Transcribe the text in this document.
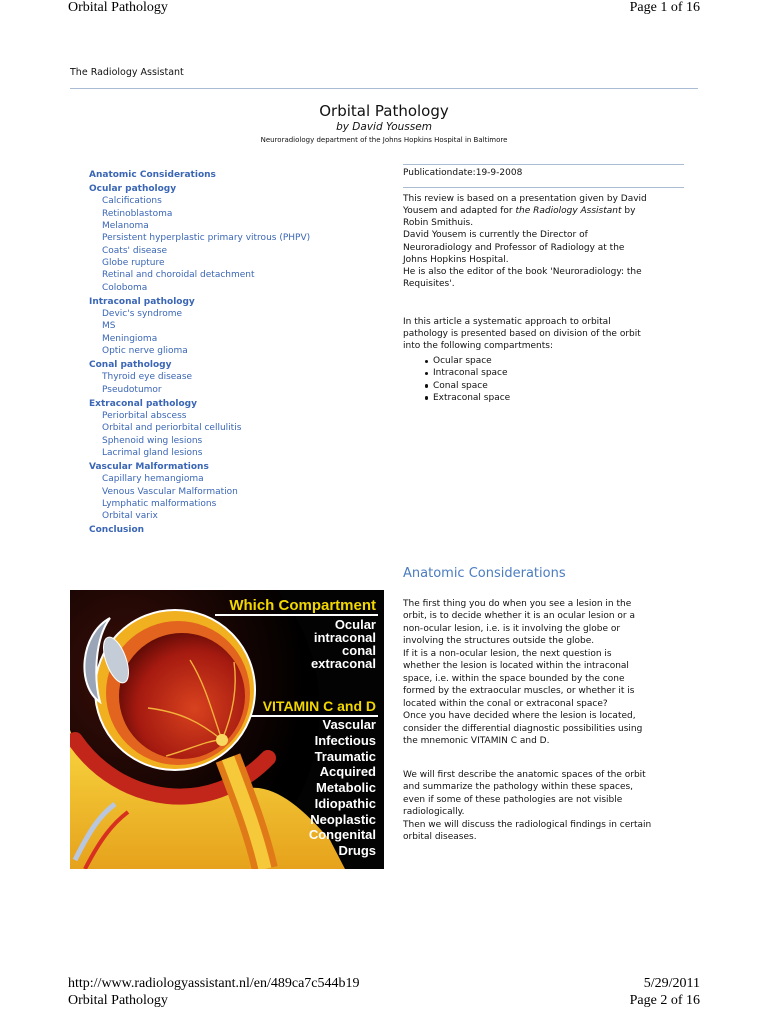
Orbital Pathology	Page 1 of 16
The Radiology Assistant
Orbital Pathology
by David Youssem
Neuroradiology department of the Johns Hopkins Hospital in Baltimore
Anatomic Considerations
Ocular pathology
Calcifications
Retinoblastoma
Melanoma
Persistent hyperplastic primary vitrous (PHPV)
Coats' disease
Globe rupture
Retinal and choroidal detachment
Coloboma
Intraconal pathology
Devic's syndrome
MS
Meningioma
Optic nerve glioma
Conal pathology
Thyroid eye disease
Pseudotumor
Extraconal pathology
Periorbital abscess
Orbital and periorbital cellulitis
Sphenoid wing lesions
Lacrimal gland lesions
Vascular Malformations
Capillary hemangioma
Venous Vascular Malformation
Lymphatic malformations
Orbital varix
Conclusion
Publicationdate:19-9-2008
This review is based on a presentation given by David
Yousem and adapted for the Radiology Assistant by
Robin Smithuis.
David Yousem is currently the Director of
Neuroradiology and Professor of Radiology at the
Johns Hopkins Hospital.
He is also the editor of the book 'Neuroradiology: the
Requisites'.
In this article a systematic approach to orbital
pathology is presented based on division of the orbit
into the following compartments:
Ocular space
Intraconal space
Conal space
Extraconal space
Anatomic Considerations
The first thing you do when you see a lesion in the
orbit, is to decide whether it is an ocular lesion or a
non-ocular lesion, i.e. is it involving the globe or
involving the structures outside the globe.
If it is a non-ocular lesion, the next question is
whether the lesion is located within the intraconal
space, i.e. within the space bounded by the cone
formed by the extraocular muscles, or whether it is
located within the conal or extraconal space?
Once you have decided where the lesion is located,
consider the differential diagnostic possibilities using
the mnemonic VITAMIN C and D.
We will first describe the anatomic spaces of the orbit
and summarize the pathology within these spaces,
even if some of these pathologies are not visible
radiologically.
Then we will discuss the radiological findings in certain
orbital diseases.
Which Compartment
Ocular
intraconal
conal
extraconal
VITAMIN C and D
Vascular
Infectious
Traumatic
Acquired
Metabolic
Idiopathic
Neoplastic
Congenital
Drugs
http://www.radiologyassistant.nl/en/489ca7c544b19	5/29/2011
Orbital Pathology	Page 2 of 16
